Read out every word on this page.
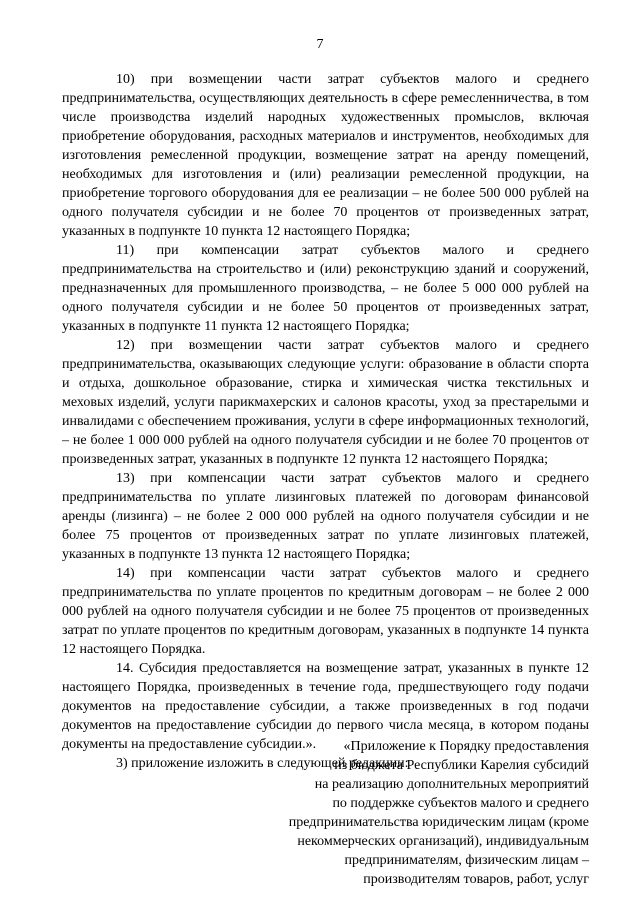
7

10) при возмещении части затрат субъектов малого и среднего предпринимательства, осуществляющих деятельность в сфере ремесленничества, в том числе производства изделий народных художественных промыслов, включая приобретение оборудования, расходных материалов и инструментов, необходимых для изготовления ремесленной продукции, возмещение затрат на аренду помещений, необходимых для изготовления и (или) реализации ремесленной продукции, на приобретение торгового оборудования для ее реализации – не более 500 000 рублей на одного получателя субсидии и не более 70 процентов от произведенных затрат, указанных в подпункте 10 пункта 12 настоящего Порядка;

11) при компенсации затрат субъектов малого и среднего предпринимательства на строительство и (или) реконструкцию зданий и сооружений, предназначенных для промышленного производства, – не более 5 000 000 рублей на одного получателя субсидии и не более 50 процентов от произведенных затрат, указанных в подпункте 11 пункта 12 настоящего Порядка;

12) при возмещении части затрат субъектов малого и среднего предпринимательства, оказывающих следующие услуги: образование в области спорта и отдыха, дошкольное образование, стирка и химическая чистка текстильных и меховых изделий, услуги парикмахерских и салонов красоты, уход за престарелыми и инвалидами с обеспечением проживания, услуги в сфере информационных технологий, – не более 1 000 000 рублей на одного получателя субсидии и не более 70 процентов от произведенных затрат, указанных в подпункте 12 пункта 12 настоящего Порядка;

13) при компенсации части затрат субъектов малого и среднего предпринимательства по уплате лизинговых платежей по договорам финансовой аренды (лизинга) – не более 2 000 000 рублей на одного получателя субсидии и не более 75 процентов от произведенных затрат по уплате лизинговых платежей, указанных в подпункте 13 пункта 12 настоящего Порядка;

14) при компенсации части затрат субъектов малого и среднего предпринимательства по уплате процентов по кредитным договорам – не более 2 000 000 рублей на одного получателя субсидии и не более 75 процентов от произведенных затрат по уплате процентов по кредитным договорам, указанных в подпункте 14 пункта 12 настоящего Порядка.

14. Субсидия предоставляется на возмещение затрат, указанных в пункте 12 настоящего Порядка, произведенных в течение года, предшествующего году подачи документов на предоставление субсидии, а также произведенных в год подачи документов на предоставление субсидии до первого числа месяца, в котором поданы документы на предоставление субсидии.».

3) приложение изложить в следующей редакции:

«Приложение к Порядку предоставления
из бюджета Республики Карелия субсидий
на реализацию дополнительных мероприятий
по поддержке субъектов малого и среднего
предпринимательства юридическим лицам (кроме
некоммерческих организаций), индивидуальным
предпринимателям, физическим лицам –
производителям товаров, работ, услуг
